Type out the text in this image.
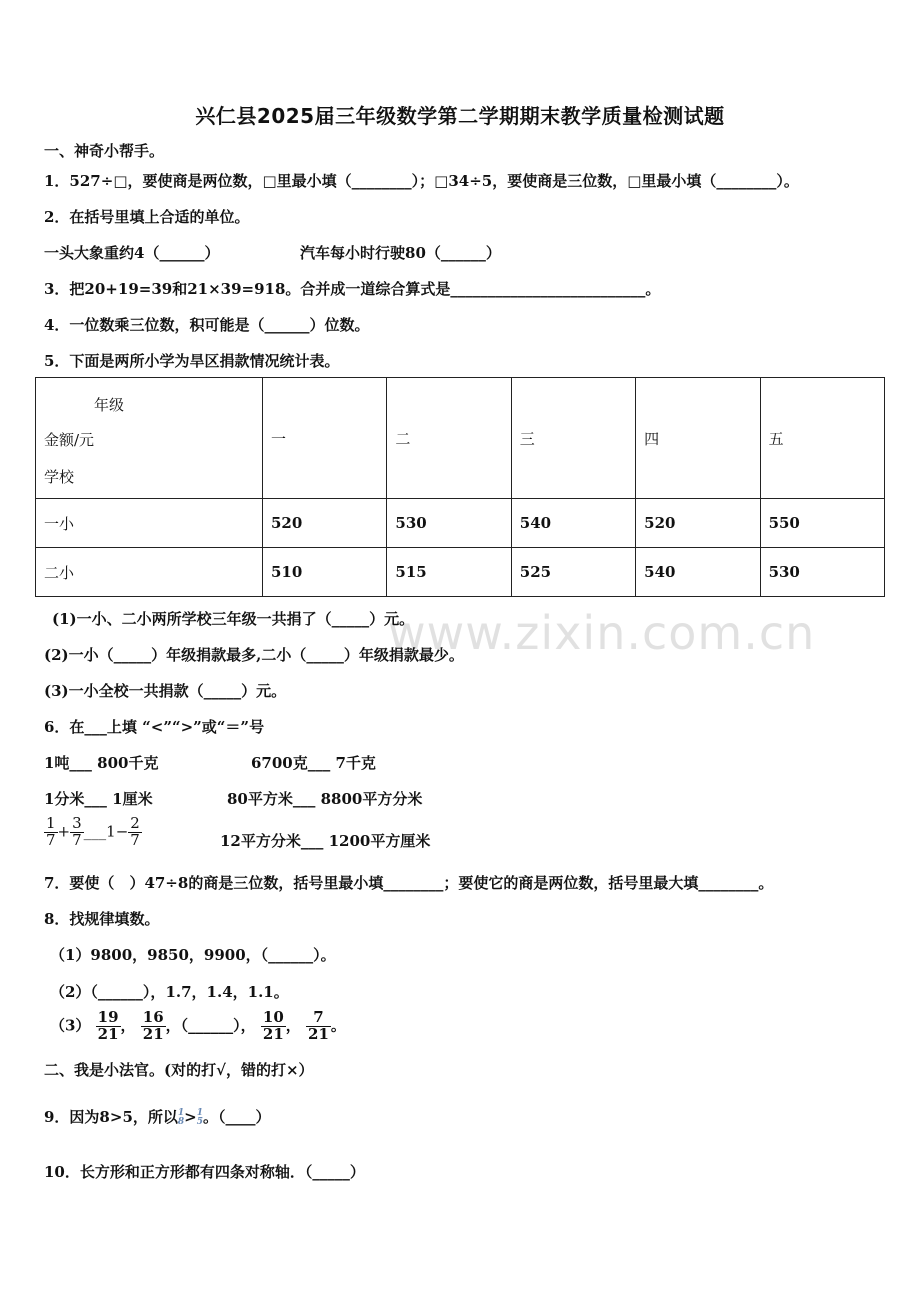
兴仁县2025届三年级数学第二学期期末教学质量检测试题
一、神奇小帮手。
1．527÷□，要使商是两位数，□里最小填（________）；□34÷5，要使商是三位数，□里最小填（________）。
2．在括号里填上合适的单位。
一头大象重约4（______）	汽车每小时行驶80（______）
3．把20+19=39和21×39=918。合并成一道综合算式是__________________________。
4．一位数乘三位数，积可能是（______）位数。
5．下面是两所小学为旱区捐款情况统计表。
年级
金额/元
学校	一	二	三	四	五
一小	520	530	540	520	550
二小	510	515	525	540	530
www.zixin.com.cn
(1)一小、二小两所学校三年级一共捐了（_____）元。
(2)一小（_____）年级捐款最多,二小（_____）年级捐款最少。
(3)一小全校一共捐款（_____）元。
6．在___上填 “<”“>”或“＝”号
1吨___ 800千克	6700克___ 7千克
1分米___ 1厘米	80平方米___ 8800平方分米
$\frac{1}{7} + \frac{3}{7}$ ___1− $\frac{2}{7}$	12平方分米___ 1200平方厘米
7．要使（　）47÷8的商是三位数，括号里最小填________；要使它的商是两位数，括号里最大填________。
8．找规律填数。
（1）9800，9850，9900，（______）。
（2）（______），1.7，1.4，1.1。
$(3) \frac{19}{21}$ ， $\frac{16}{21}$ ，（______）， $\frac{10}{21}$ ， $\frac{7}{21}$ 。
二、我是小法官。(对的打√，错的打×）
9．因为8>5，所以 1
8 > 1
5 。（____）
10．长方形和正方形都有四条对称轴．（_____）
